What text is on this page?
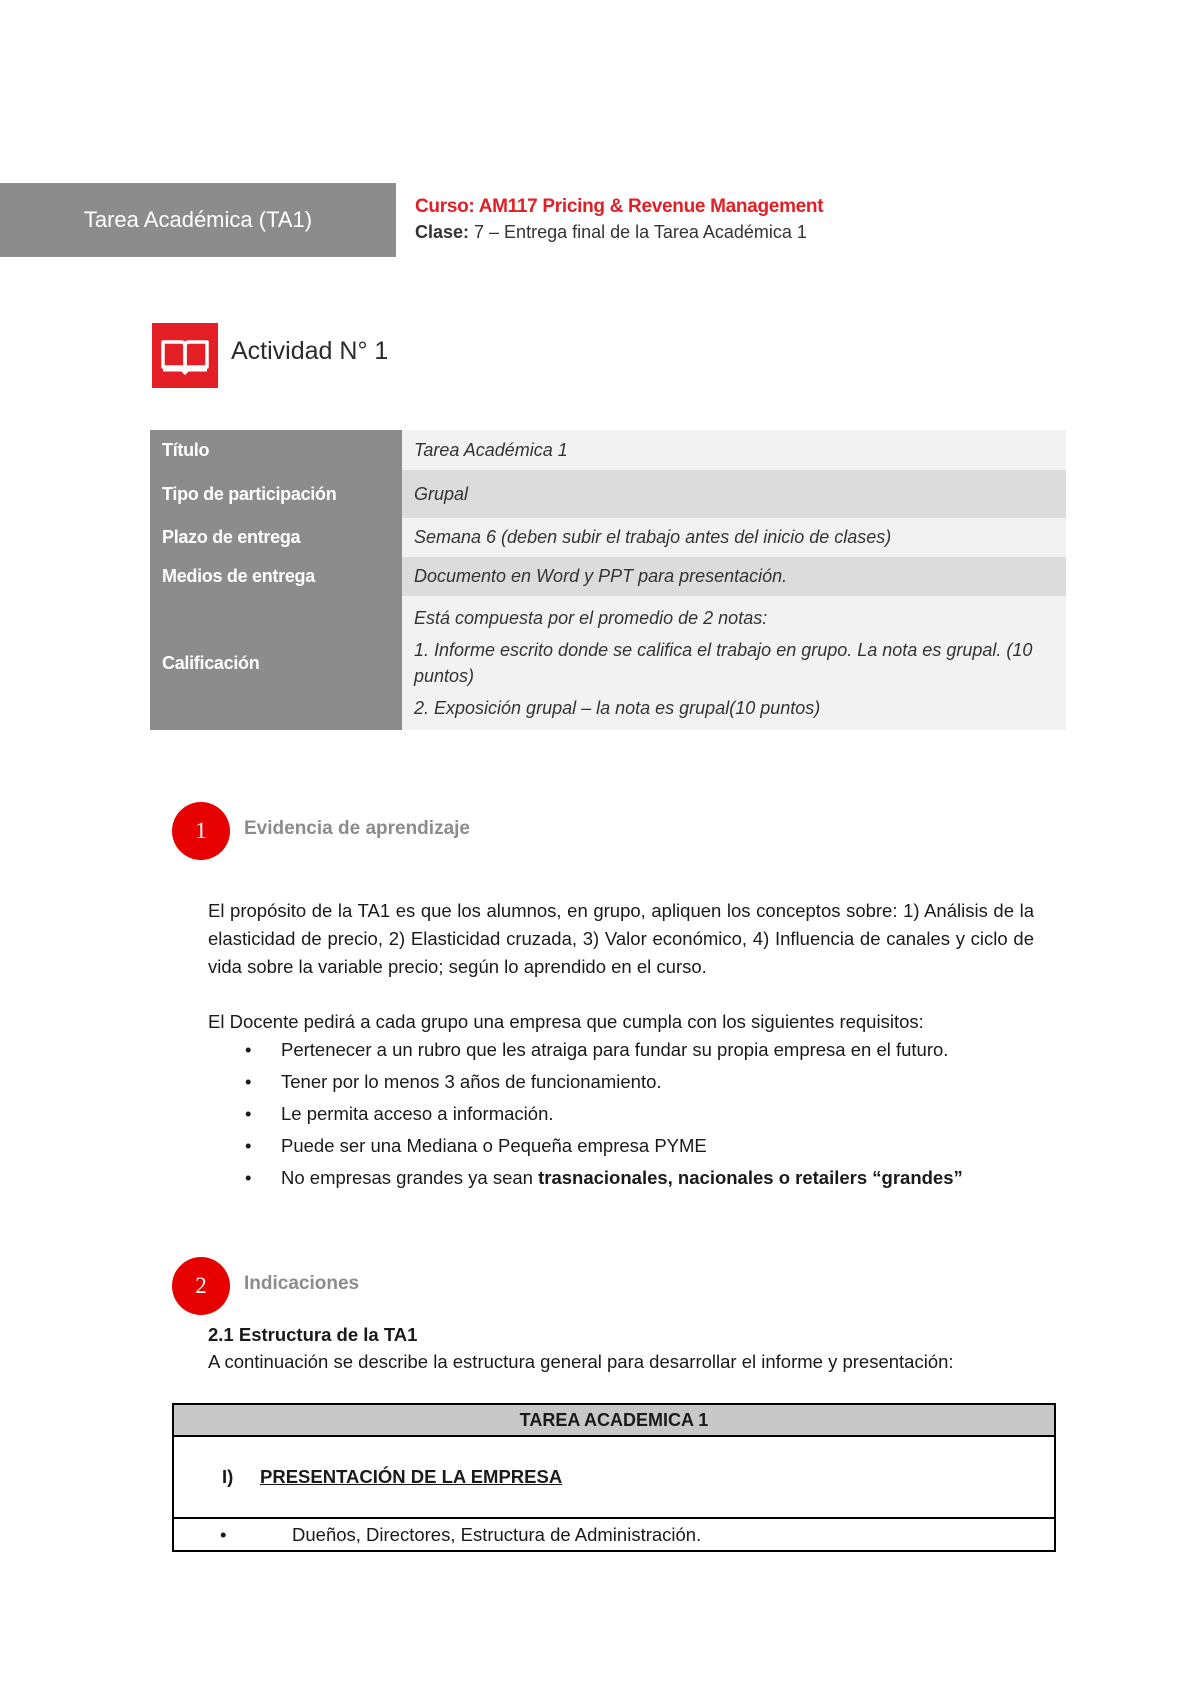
Tarea Académica (TA1)
Curso: AM117 Pricing & Revenue Management
Clase: 7 – Entrega final de la Tarea Académica 1
Actividad N° 1
Título	Tarea Académica 1
Tipo de participación	Grupal
Plazo de entrega	Semana 6 (deben subir el trabajo antes del inicio de clases)
Medios de entrega	Documento en Word y PPT para presentación.
Calificación	Está compuesta por el promedio de 2 notas:

1. Informe escrito donde se califica el trabajo en grupo. La nota es grupal. (10 puntos)

2. Exposición grupal – la nota es grupal(10 puntos)

1	Evidencia de aprendizaje
El propósito de la TA1 es que los alumnos, en grupo, apliquen los conceptos sobre: 1) Análisis de la elasticidad de precio, 2) Elasticidad cruzada, 3) Valor económico, 4) Influencia de canales y ciclo de vida sobre la variable precio; según lo aprendido en el curso.
El Docente pedirá a cada grupo una empresa que cumpla con los siguientes requisitos:
• Pertenecer a un rubro que les atraiga para fundar su propia empresa en el futuro.
• Tener por lo menos 3 años de funcionamiento.
• Le permita acceso a información.
• Puede ser una Mediana o Pequeña empresa PYME
• No empresas grandes ya sean trasnacionales, nacionales o retailers “grandes”
2	Indicaciones
2.1 Estructura de la TA1
A continuación se describe la estructura general para desarrollar el informe y presentación:
TAREA ACADEMICA 1
I)	PRESENTACIÓN DE LA EMPRESA
•	Dueños, Directores, Estructura de Administración.
